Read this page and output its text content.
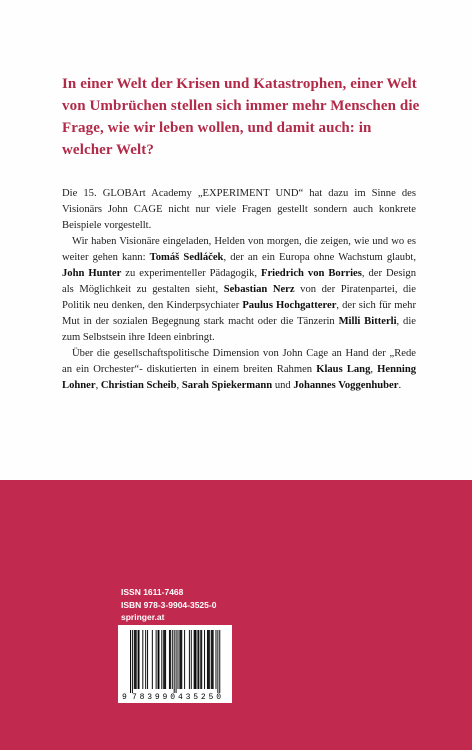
In einer Welt der Krisen und Katastrophen, einer Welt von Umbrüchen stellen sich immer mehr Menschen die Frage, wie wir leben wollen, und damit auch: in welcher Welt?

Die 15. GLOBArt Academy „EXPERIMENT UND“ hat dazu im Sinne des Visionärs John CAGE nicht nur viele Fragen gestellt sondern auch konkrete Beispiele vorgestellt.

Wir haben Visionäre eingeladen, Helden von morgen, die zeigen, wie und wo es weiter gehen kann: Tomáš Sedláček, der an ein Europa ohne Wachstum glaubt, John Hunter zu experimenteller Pädagogik, Friedrich von Borries, der Design als Möglichkeit zu gestalten sieht, Sebastian Nerz von der Piratenpartei, die Politik neu denken, den Kinderpsychiater Paulus Hochgatterer, der sich für mehr Mut in der sozialen Begegnung stark macht oder die Tänzerin Milli Bitterli, die zum Selbstsein ihre Ideen einbringt.

Über die gesellschaftspolitische Dimension von John Cage an Hand der „Rede an ein Orchester“- diskutierten in einem breiten Rahmen Klaus Lang, Henning Lohner, Christian Scheib, Sarah Spiekermann und Johannes Voggenhuber.

ISSN 1611-7468
ISBN 978-3-9904-3525-0
springer.at
9 783990 435250
